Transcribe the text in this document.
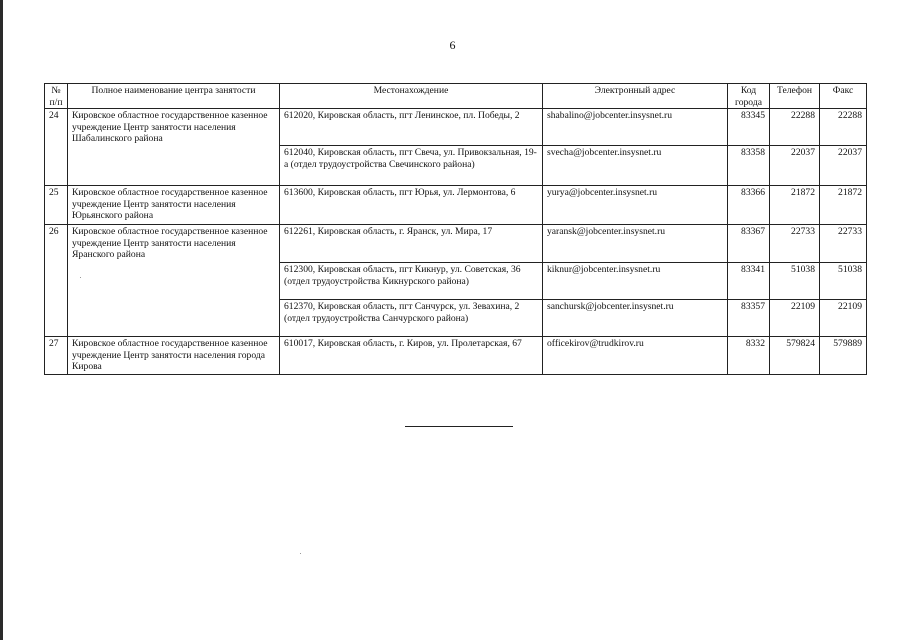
6
№ п/п	Полное наименование центра занятости	Местонахождение	Электронный адрес	Код города	Телефон	Факс
24	Кировское областное государственное казенное учреждение Центр занятости населения Шабалинского района	612020, Кировская область, пгт Ленинское, пл. Победы, 2	shabalino@jobcenter.insysnet.ru	83345	22288	22288
		612040, Кировская область, пгт Свеча, ул. Привокзальная, 19-а (отдел трудоустройства Свечинского района)	svecha@jobcenter.insysnet.ru	83358	22037	22037
25	Кировское областное государственное казенное учреждение Центр занятости населения Юрьянского района	613600, Кировская область, пгт Юрья, ул. Лермонтова, 6	yurya@jobcenter.insysnet.ru	83366	21872	21872
26	Кировское областное государственное казенное учреждение Центр занятости населения Яранского района	612261, Кировская область, г. Яранск, ул. Мира, 17	yaransk@jobcenter.insysnet.ru	83367	22733	22733
		612300, Кировская область, пгт Кикнур, ул. Советская, 36 (отдел трудоустройства Кикнурского района)	kiknur@jobcenter.insysnet.ru	83341	51038	51038
		612370, Кировская область, пгт Санчурск, ул. Зевахина, 2 (отдел трудоустройства Санчурского района)	sanchursk@jobcenter.insysnet.ru	83357	22109	22109
27	Кировское областное государственное казенное учреждение Центр занятости населения города Кирова	610017, Кировская область, г. Киров, ул. Пролетарская, 67	officekirov@trudkirov.ru	8332	579824	579889
